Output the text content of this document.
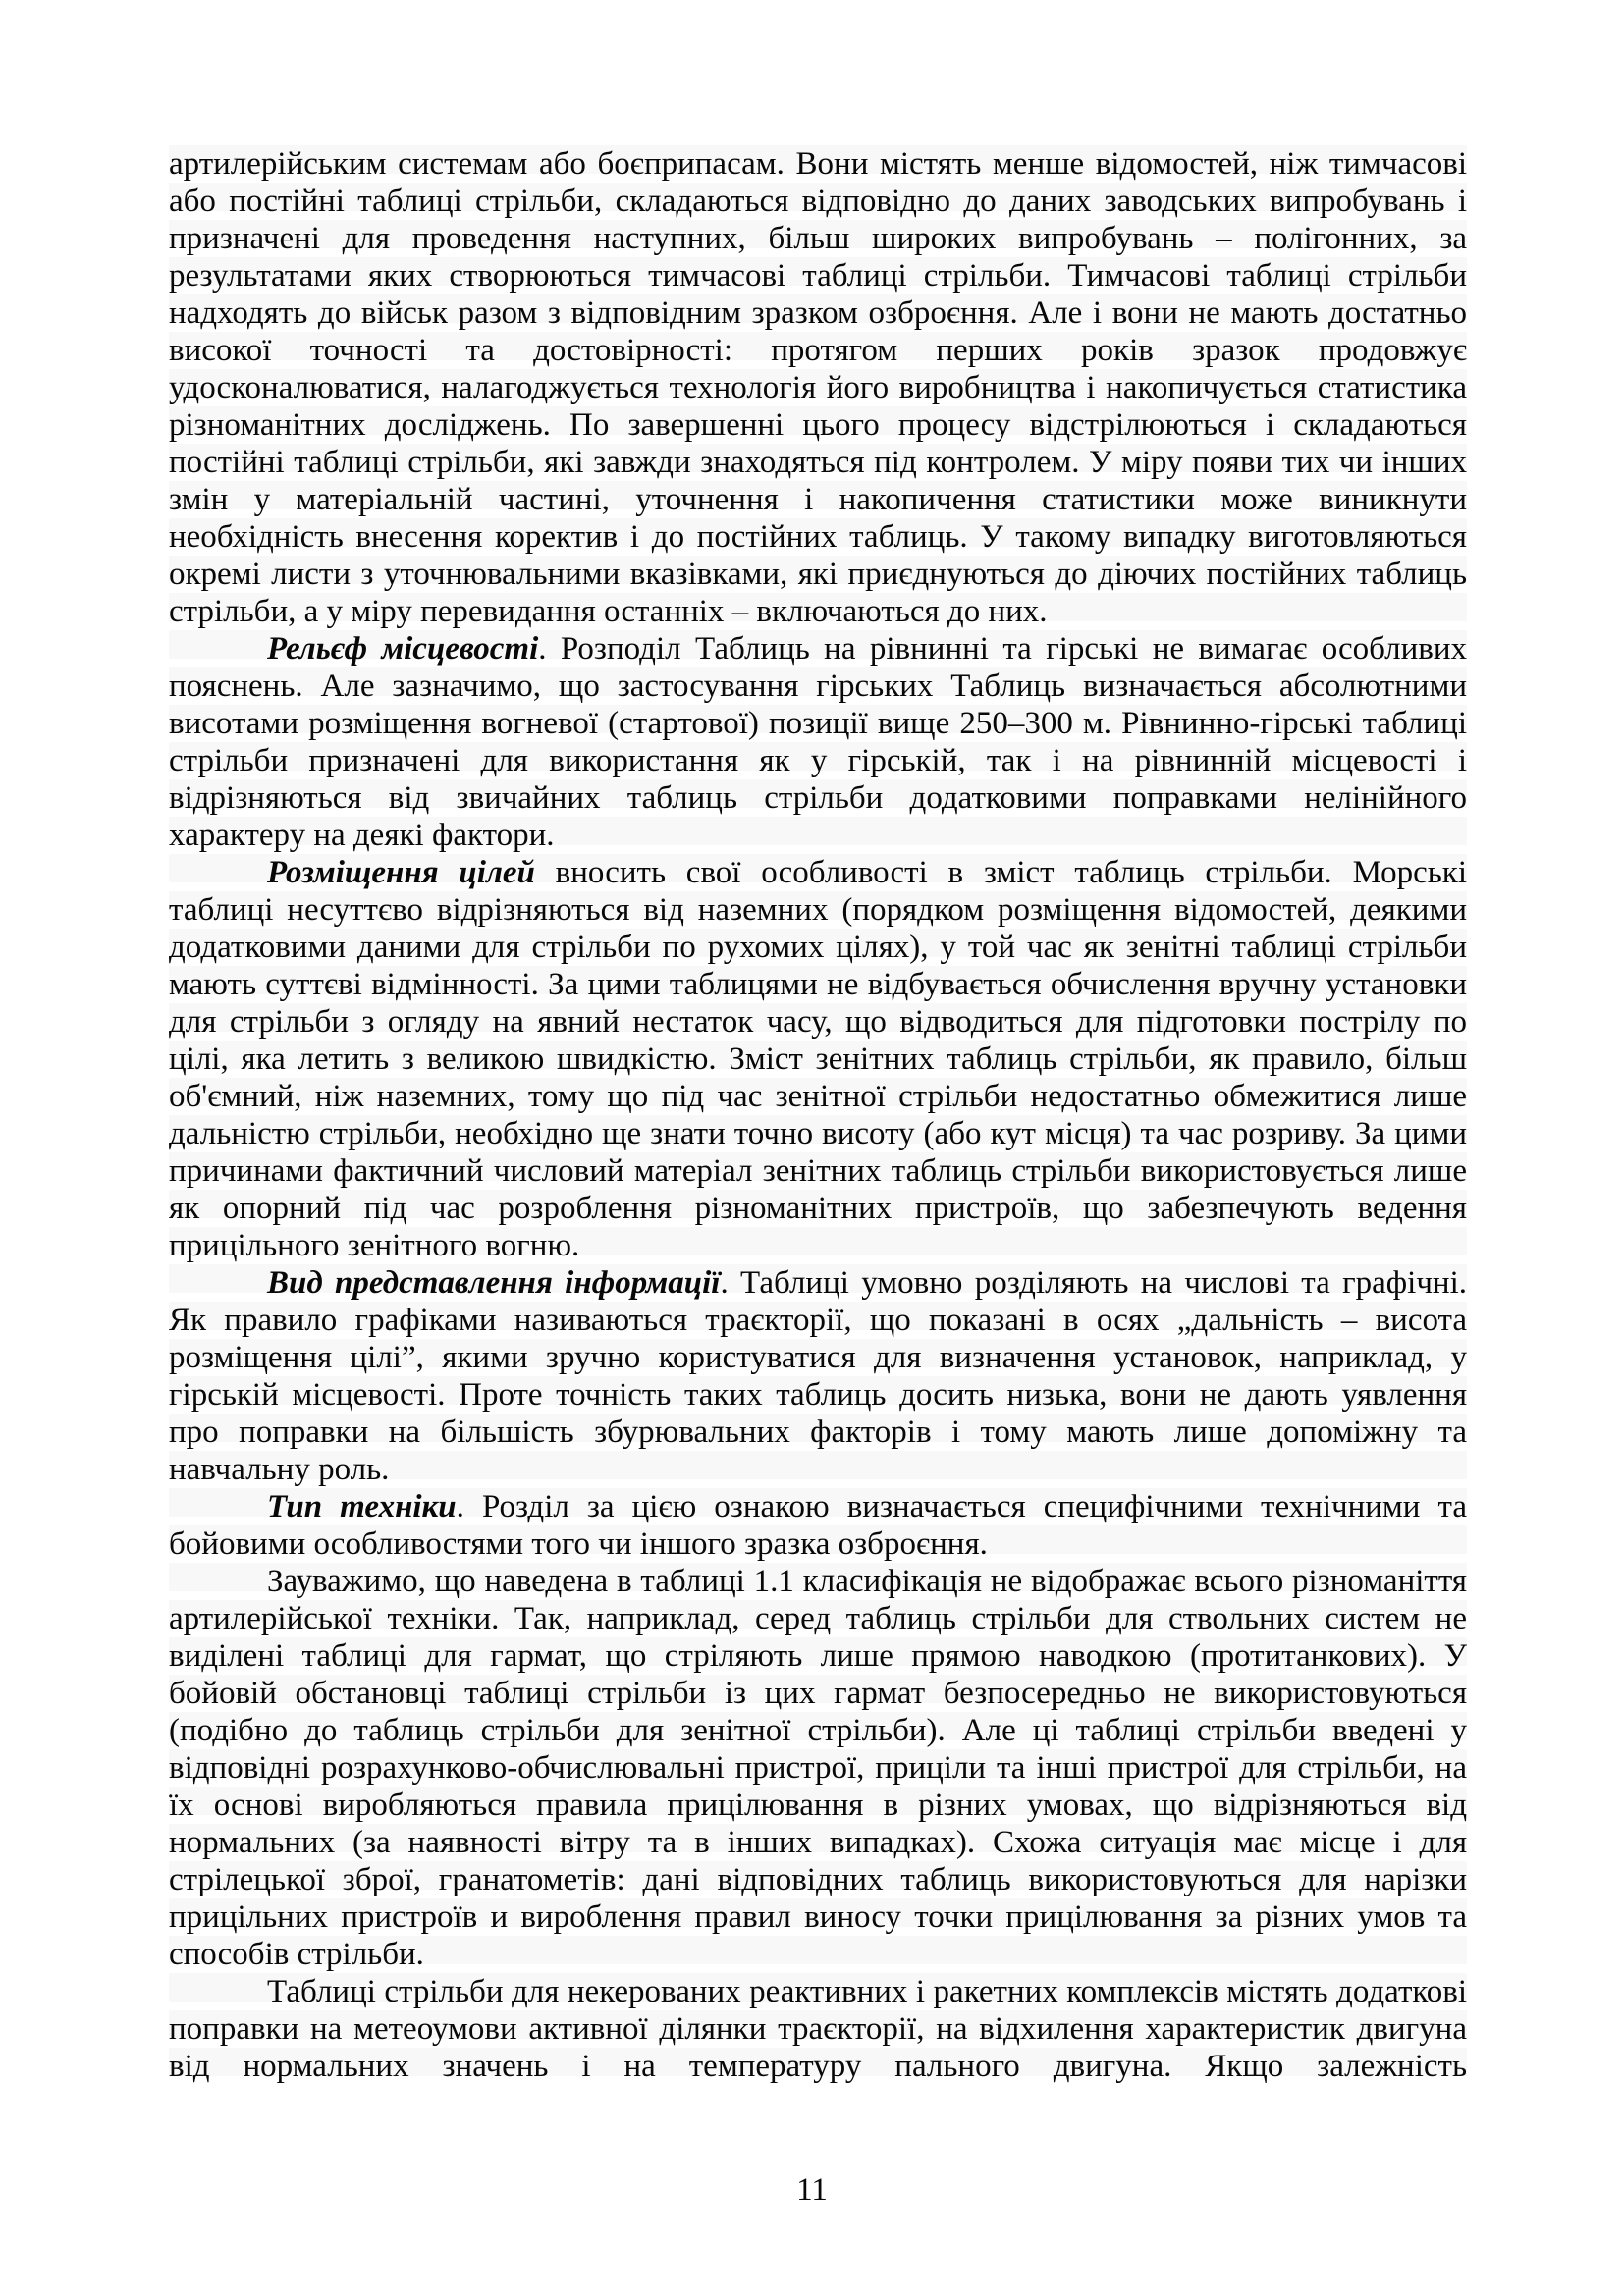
артилерійським системам або боєприпасам. Вони містять менше відомостей, ніж тимчасові або постійні таблиці стрільби, складаються відповідно до даних заводських випробувань і призначені для проведення наступних, більш широких випробувань – полігонних, за результатами яких створюються тимчасові таблиці стрільби. Тимчасові таблиці стрільби надходять до військ разом з відповідним зразком озброєння. Але і вони не мають достатньо високої точності та достовірності: протягом перших років зразок продовжує удосконалюватися, налагоджується технологія його виробництва і накопичується статистика різноманітних досліджень. По завершенні цього процесу відстрілюються і складаються постійні таблиці стрільби, які завжди знаходяться під контролем. У міру появи тих чи інших змін у матеріальній частині, уточнення і накопичення статистики може виникнути необхідність внесення коректив і до постійних таблиць. У такому випадку виготовляються окремі листи з уточнювальними вказівками, які приєднуються до діючих постійних таблиць стрільби, а у міру перевидання останніх – включаються до них.

Рельєф місцевості. Розподіл Таблиць на рівнинні та гірські не вимагає особливих пояснень. Але зазначимо, що застосування гірських Таблиць визначається абсолютними висотами розміщення вогневої (стартової) позиції вище 250–300 м. Рівнинно-гірські таблиці стрільби призначені для використання як у гірській, так і на рівнинній місцевості і відрізняються від звичайних таблиць стрільби додатковими поправками нелінійного характеру на деякі фактори.

Розміщення цілей вносить свої особливості в зміст таблиць стрільби. Морські таблиці несуттєво відрізняються від наземних (порядком розміщення відомостей, деякими додатковими даними для стрільби по рухомих цілях), у той час як зенітні таблиці стрільби мають суттєві відмінності. За цими таблицями не відбувається обчислення вручну установки для стрільби з огляду на явний нестаток часу, що відводиться для підготовки пострілу по цілі, яка летить з великою швидкістю. Зміст зенітних таблиць стрільби, як правило, більш об'ємний, ніж наземних, тому що під час зенітної стрільби недостатньо обмежитися лише дальністю стрільби, необхідно ще знати точно висоту (або кут місця) та час розриву. За цими причинами фактичний числовий матеріал зенітних таблиць стрільби використовується лише як опорний під час розроблення різноманітних пристроїв, що забезпечують ведення прицільного зенітного вогню.

Вид представлення інформації. Таблиці умовно розділяють на числові та графічні. Як правило графіками називаються траєкторії, що показані в осях „дальність – висота розміщення цілі”, якими зручно користуватися для визначення установок, наприклад, у гірській місцевості. Проте точність таких таблиць досить низька, вони не дають уявлення про поправки на більшість збурювальних факторів і тому мають лише допоміжну та навчальну роль.

Тип техніки. Розділ за цією ознакою визначається специфічними технічними та бойовими особливостями того чи іншого зразка озброєння.

Зауважимо, що наведена в таблиці 1.1 класифікація не відображає всього різноманіття артилерійської техніки. Так, наприклад, серед таблиць стрільби для ствольних систем не виділені таблиці для гармат, що стріляють лише прямою наводкою (протитанкових). У бойовій обстановці таблиці стрільби із цих гармат безпосередньо не використовуються (подібно до таблиць стрільби для зенітної стрільби). Але ці таблиці стрільби введені у відповідні розрахунково-обчислювальні пристрої, приціли та інші пристрої для стрільби, на їх основі виробляються правила прицілювання в різних умовах, що відрізняються від нормальних (за наявності вітру та в інших випадках). Схожа ситуація має місце і для стрілецької зброї, гранатометів: дані відповідних таблиць використовуються для нарізки прицільних пристроїв и вироблення правил виносу точки прицілювання за різних умов та способів стрільби.

Таблиці стрільби для некерованих реактивних і ракетних комплексів містять додаткові поправки на метеоумови активної ділянки траєкторії, на відхилення характеристик двигуна від нормальних значень і на температуру пального двигуна. Якщо залежність

11
